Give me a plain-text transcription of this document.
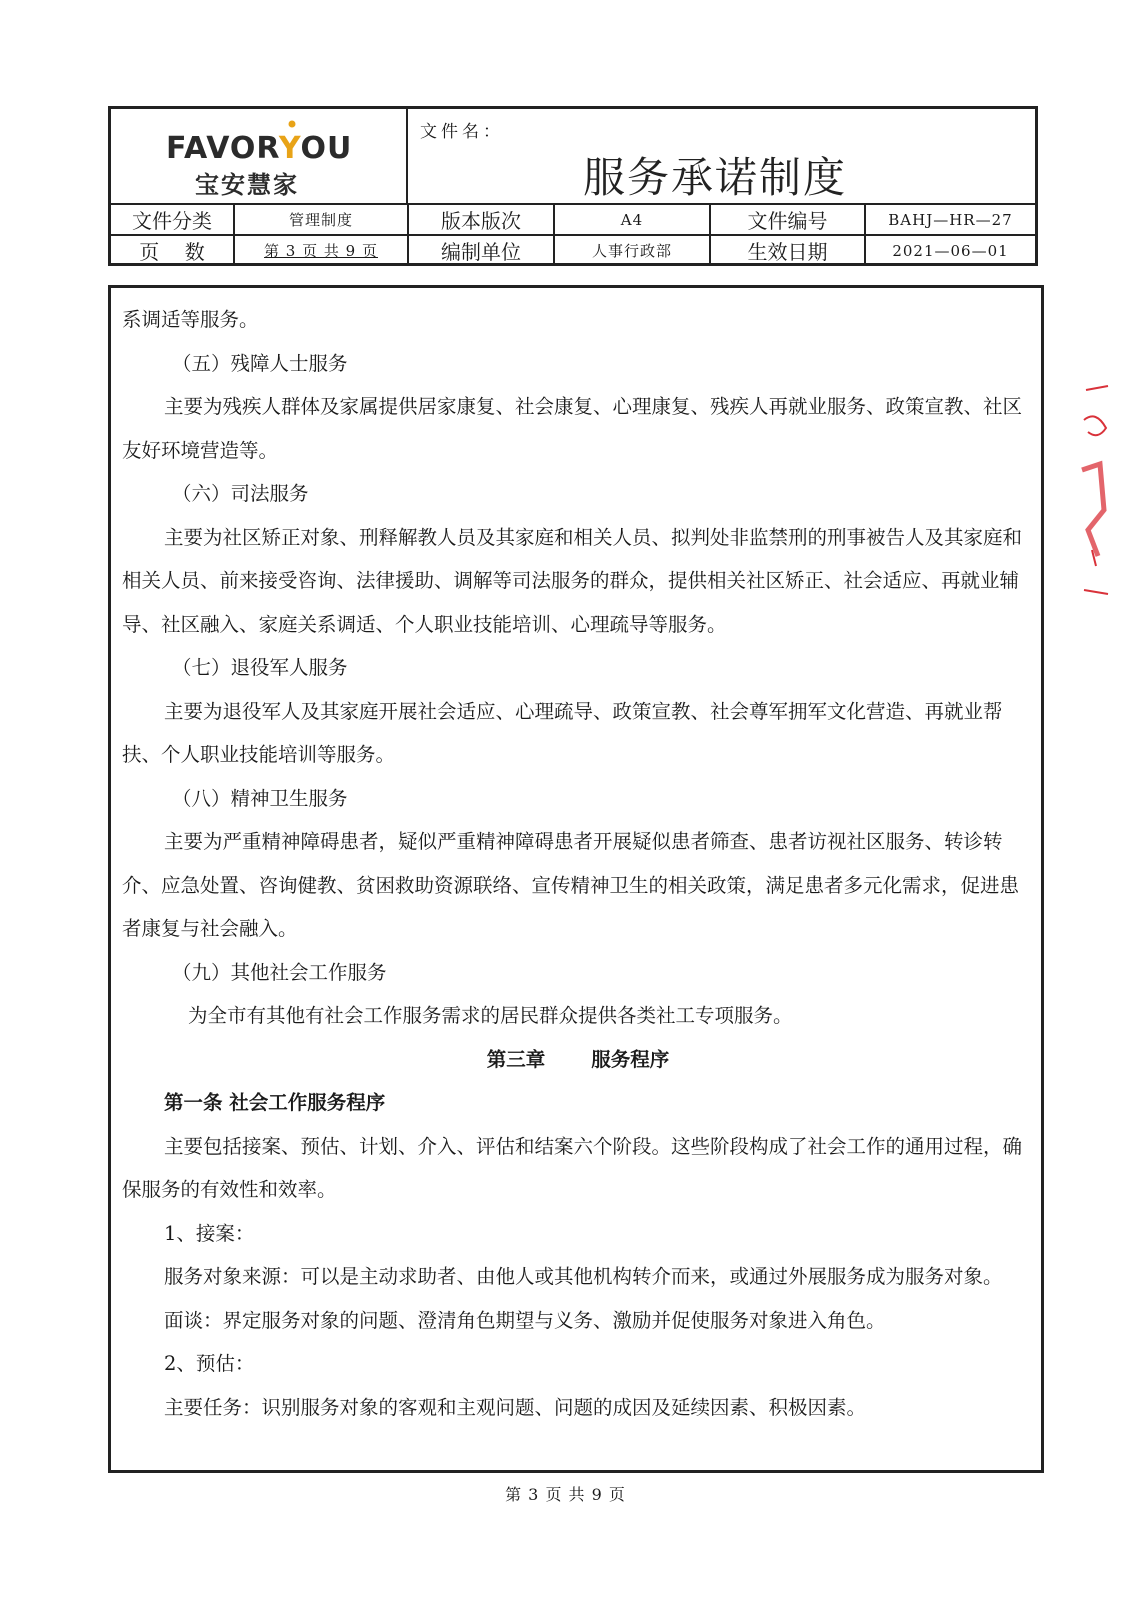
FAVORYOU
宝安慧家
文件名：
服务承诺制度
文件分类	管理制度	版本版次	A4	文件编号	BAHJ—HR—27
页    数	第 3 页 共 9 页	编制单位	人事行政部	生效日期	2021—06—01

系调适等服务。

（五）残障人士服务

主要为残疾人群体及家属提供居家康复、社会康复、心理康复、残疾人再就业服务、政策宣教、社区友好环境营造等。

（六）司法服务

主要为社区矫正对象、刑释解教人员及其家庭和相关人员、拟判处非监禁刑的刑事被告人及其家庭和相关人员、前来接受咨询、法律援助、调解等司法服务的群众，提供相关社区矫正、社会适应、再就业辅导、社区融入、家庭关系调适、个人职业技能培训、心理疏导等服务。

（七）退役军人服务

主要为退役军人及其家庭开展社会适应、心理疏导、政策宣教、社会尊军拥军文化营造、再就业帮扶、个人职业技能培训等服务。

（八）精神卫生服务

主要为严重精神障碍患者，疑似严重精神障碍患者开展疑似患者筛查、患者访视社区服务、转诊转介、应急处置、咨询健教、贫困救助资源联络、宣传精神卫生的相关政策，满足患者多元化需求，促进患者康复与社会融入。

（九）其他社会工作服务

为全市有其他有社会工作服务需求的居民群众提供各类社工专项服务。

第三章 服务程序

第一条 社会工作服务程序

主要包括接案、预估、计划、介入、评估和结案六个阶段。这些阶段构成了社会工作的通用过程，确保服务的有效性和效率。

1、接案：

服务对象来源：可以是主动求助者、由他人或其他机构转介而来，或通过外展服务成为服务对象。

面谈：界定服务对象的问题、澄清角色期望与义务、激励并促使服务对象进入角色。

2、预估：

主要任务：识别服务对象的客观和主观问题、问题的成因及延续因素、积极因素。

第 3 页 共 9 页
